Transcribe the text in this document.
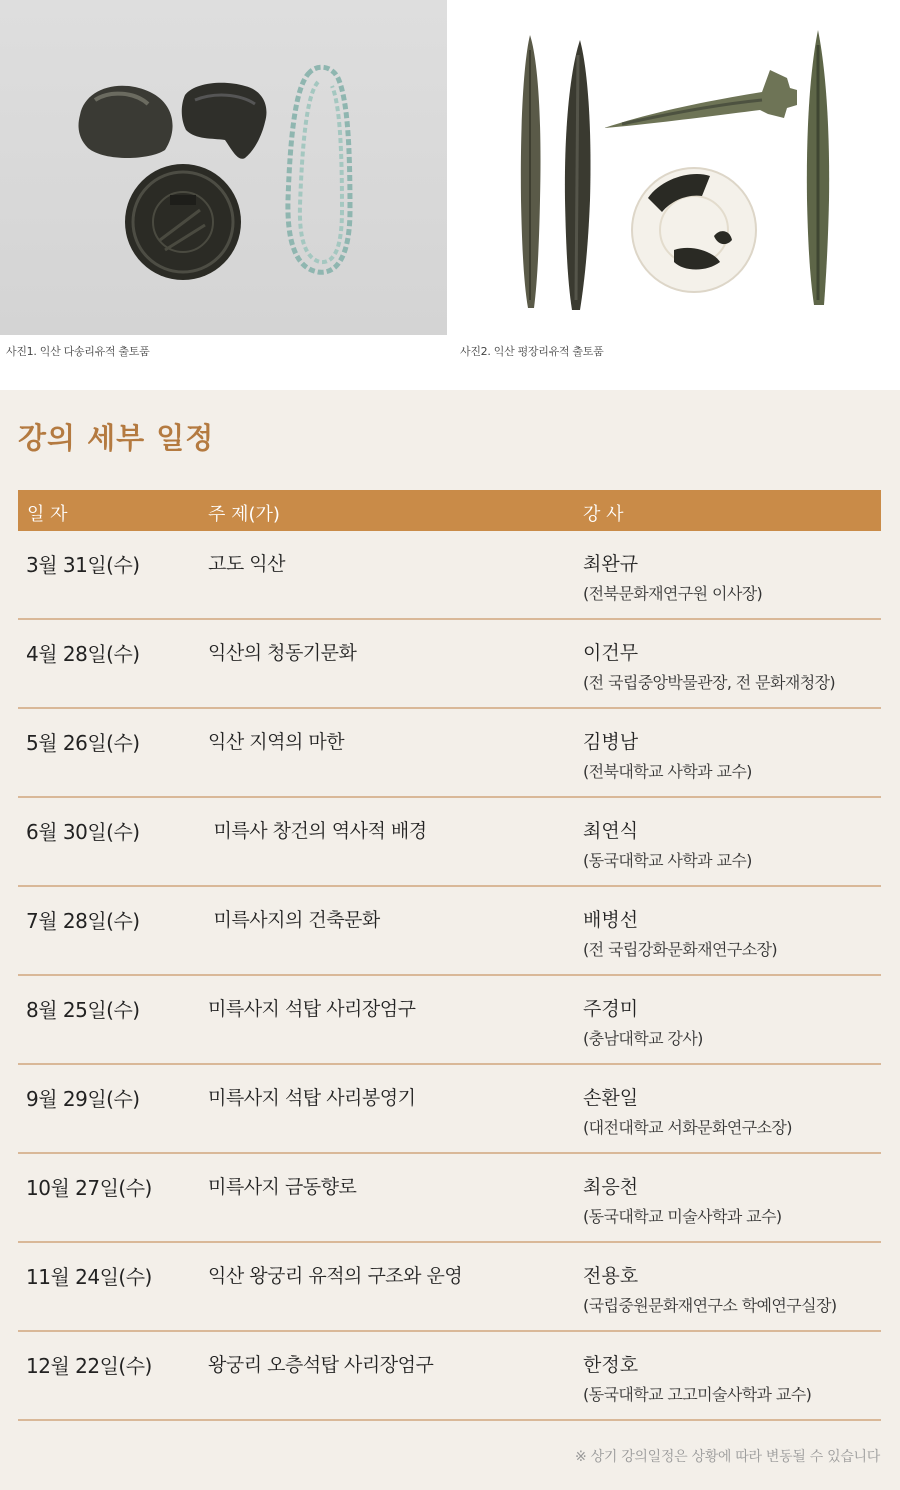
사진1. 익산 다송리유적 출토품	사진2. 익산 평장리유적 출토품
강의 세부 일정
일 자	주 제(가)	강 사
3월 31일(수)	고도 익산	최완규
(전북문화재연구원 이사장)
4월 28일(수)	익산의 청동기문화	이건무
(전 국립중앙박물관장, 전 문화재청장)
5월 26일(수)	익산 지역의 마한	김병남
(전북대학교 사학과 교수)
6월 30일(수)	미륵사 창건의 역사적 배경	최연식
(동국대학교 사학과 교수)
7월 28일(수)	미륵사지의 건축문화	배병선
(전 국립강화문화재연구소장)
8월 25일(수)	미륵사지 석탑 사리장엄구	주경미
(충남대학교 강사)
9월 29일(수)	미륵사지 석탑 사리봉영기	손환일
(대전대학교 서화문화연구소장)
10월 27일(수)	미륵사지 금동향로	최응천
(동국대학교 미술사학과 교수)
11월 24일(수)	익산 왕궁리 유적의 구조와 운영	전용호
(국립중원문화재연구소 학예연구실장)
12월 22일(수)	왕궁리 오층석탑 사리장엄구	한정호
(동국대학교 고고미술사학과 교수)
※ 상기 강의일정은 상황에 따라 변동될 수 있습니다
